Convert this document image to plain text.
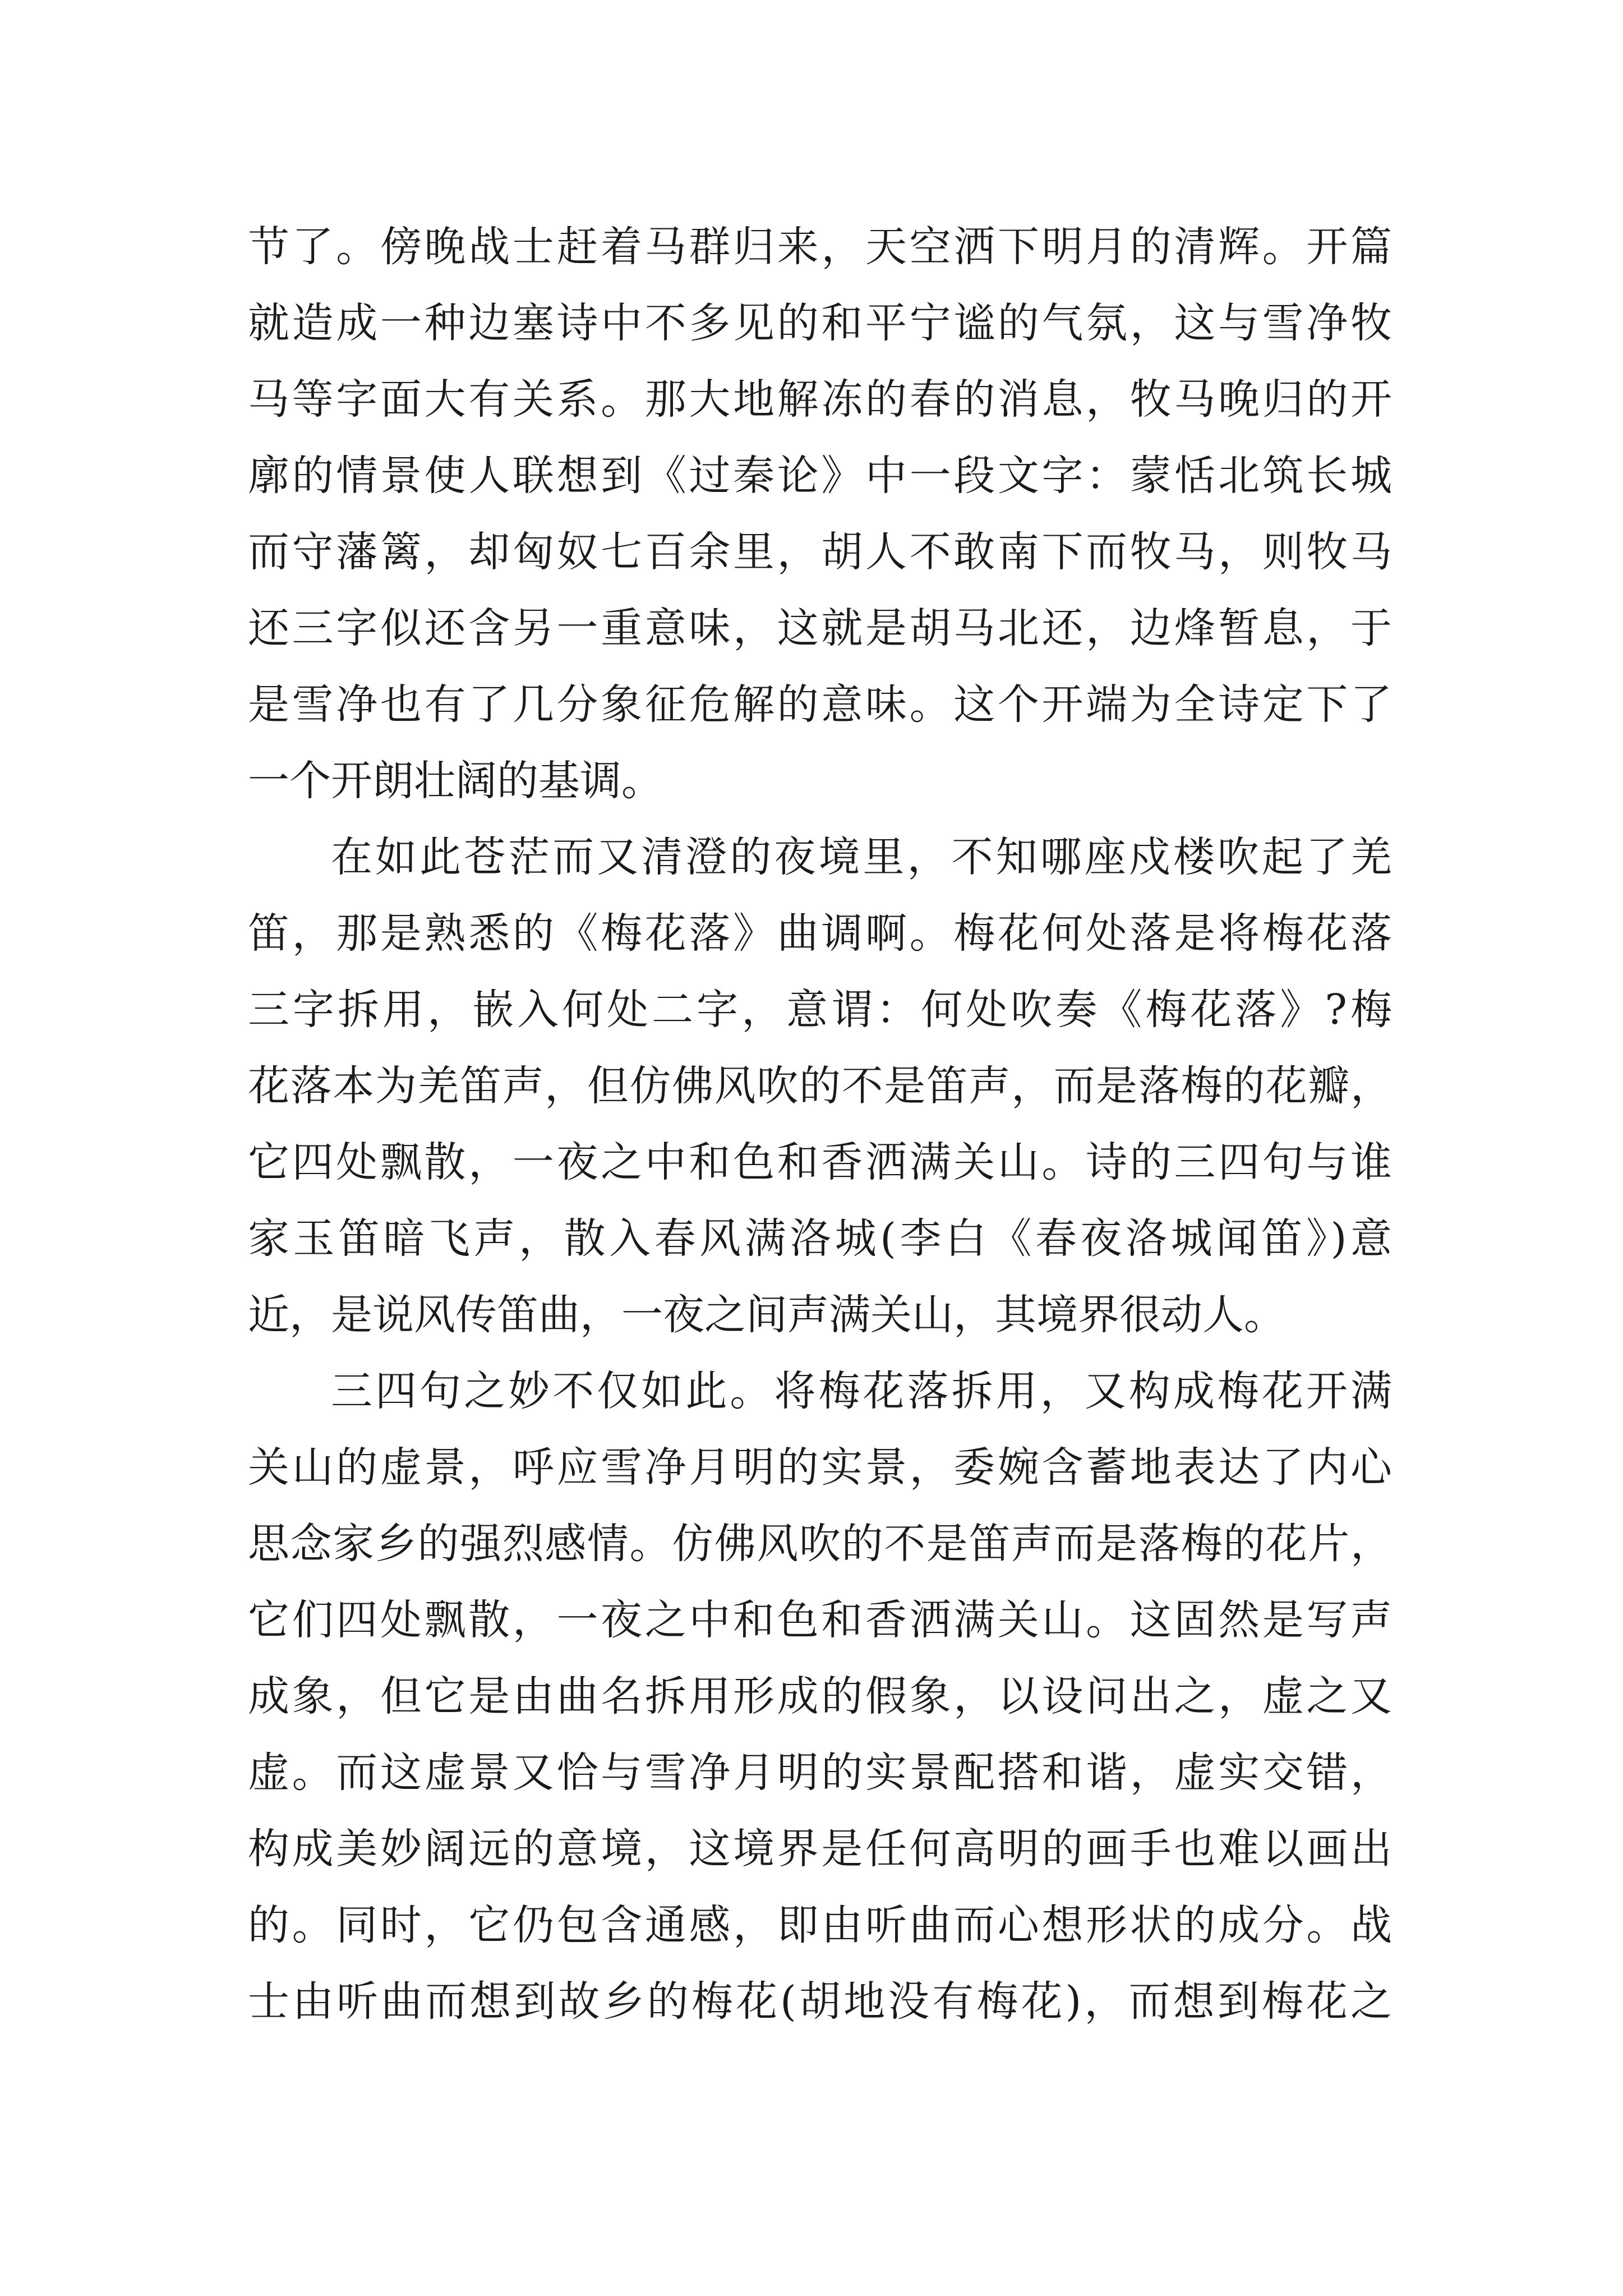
节了。傍晚战士赶着马群归来，天空洒下明月的清辉。开篇
就造成一种边塞诗中不多见的和平宁谧的气氛，这与雪净牧
马等字面大有关系。那大地解冻的春的消息，牧马晚归的开
廓的情景使人联想到《过秦论》中一段文字：蒙恬北筑长城
而守藩篱，却匈奴七百余里，胡人不敢南下而牧马，则牧马
还三字似还含另一重意味，这就是胡马北还，边烽暂息，于
是雪净也有了几分象征危解的意味。这个开端为全诗定下了
一个开朗壮阔的基调。
在如此苍茫而又清澄的夜境里，不知哪座戍楼吹起了羌
笛，那是熟悉的《梅花落》曲调啊。梅花何处落是将梅花落
三字拆用，嵌入何处二字，意谓：何处吹奏《梅花落》?梅
花落本为羌笛声，但仿佛风吹的不是笛声，而是落梅的花瓣，
它四处飘散，一夜之中和色和香洒满关山。诗的三四句与谁
家玉笛暗飞声，散入春风满洛城(李白《春夜洛城闻笛》)意
近，是说风传笛曲，一夜之间声满关山，其境界很动人。
三四句之妙不仅如此。将梅花落拆用，又构成梅花开满
关山的虚景，呼应雪净月明的实景，委婉含蓄地表达了内心
思念家乡的强烈感情。仿佛风吹的不是笛声而是落梅的花片，
它们四处飘散，一夜之中和色和香洒满关山。这固然是写声
成象，但它是由曲名拆用形成的假象，以设问出之，虚之又
虚。而这虚景又恰与雪净月明的实景配搭和谐，虚实交错，
构成美妙阔远的意境，这境界是任何高明的画手也难以画出
的。同时，它仍包含通感，即由听曲而心想形状的成分。战
士由听曲而想到故乡的梅花(胡地没有梅花)，而想到梅花之
